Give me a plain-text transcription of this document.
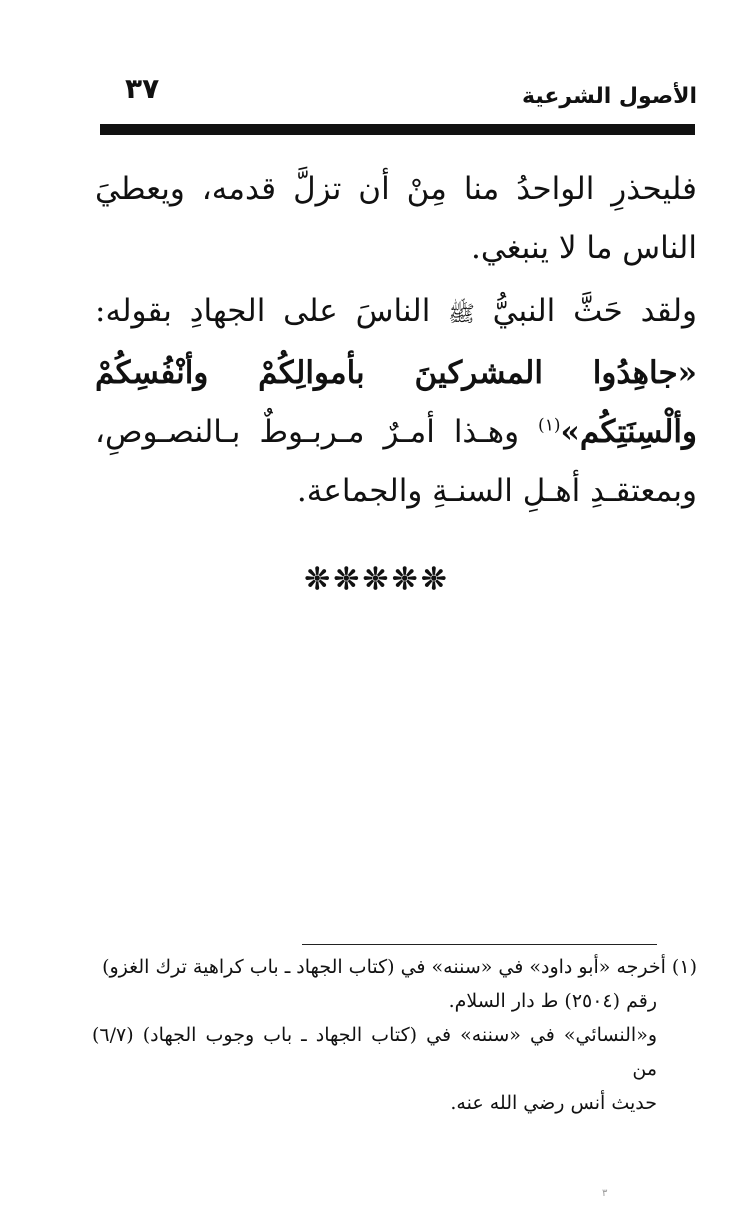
الأصول الشرعية
٣٧

فليحذرِ الواحدُ منا مِنْ أن تزلَّ قدمه، ويعطيَ الناس ما لا ينبغي.

ولقد حَثَّ النبيُّ ﷺ الناسَ على الجهادِ بقوله: «جاهِدُوا المشركينَ بأموالِكُمْ وأنْفُسِكُمْ وألْسِنَتِكُم»$^{(١)}$ وهـذا أمـرٌ مـربـوطٌ بـالنصـوصِ، وبمعتقـدِ أهـلِ السنـةِ والجماعة.

❊❊❊❊❊

(١) أخرجه «أبو داود» في «سننه» في (كتاب الجهاد ـ باب كراهية ترك الغزو)

رقم (٢٥٠٤) ط دار السلام.

و«النسائي» في «سننه» في (كتاب الجهاد ـ باب وجوب الجهاد) (٦/٧) من

حديث أنس رضي الله عنه.

٣
